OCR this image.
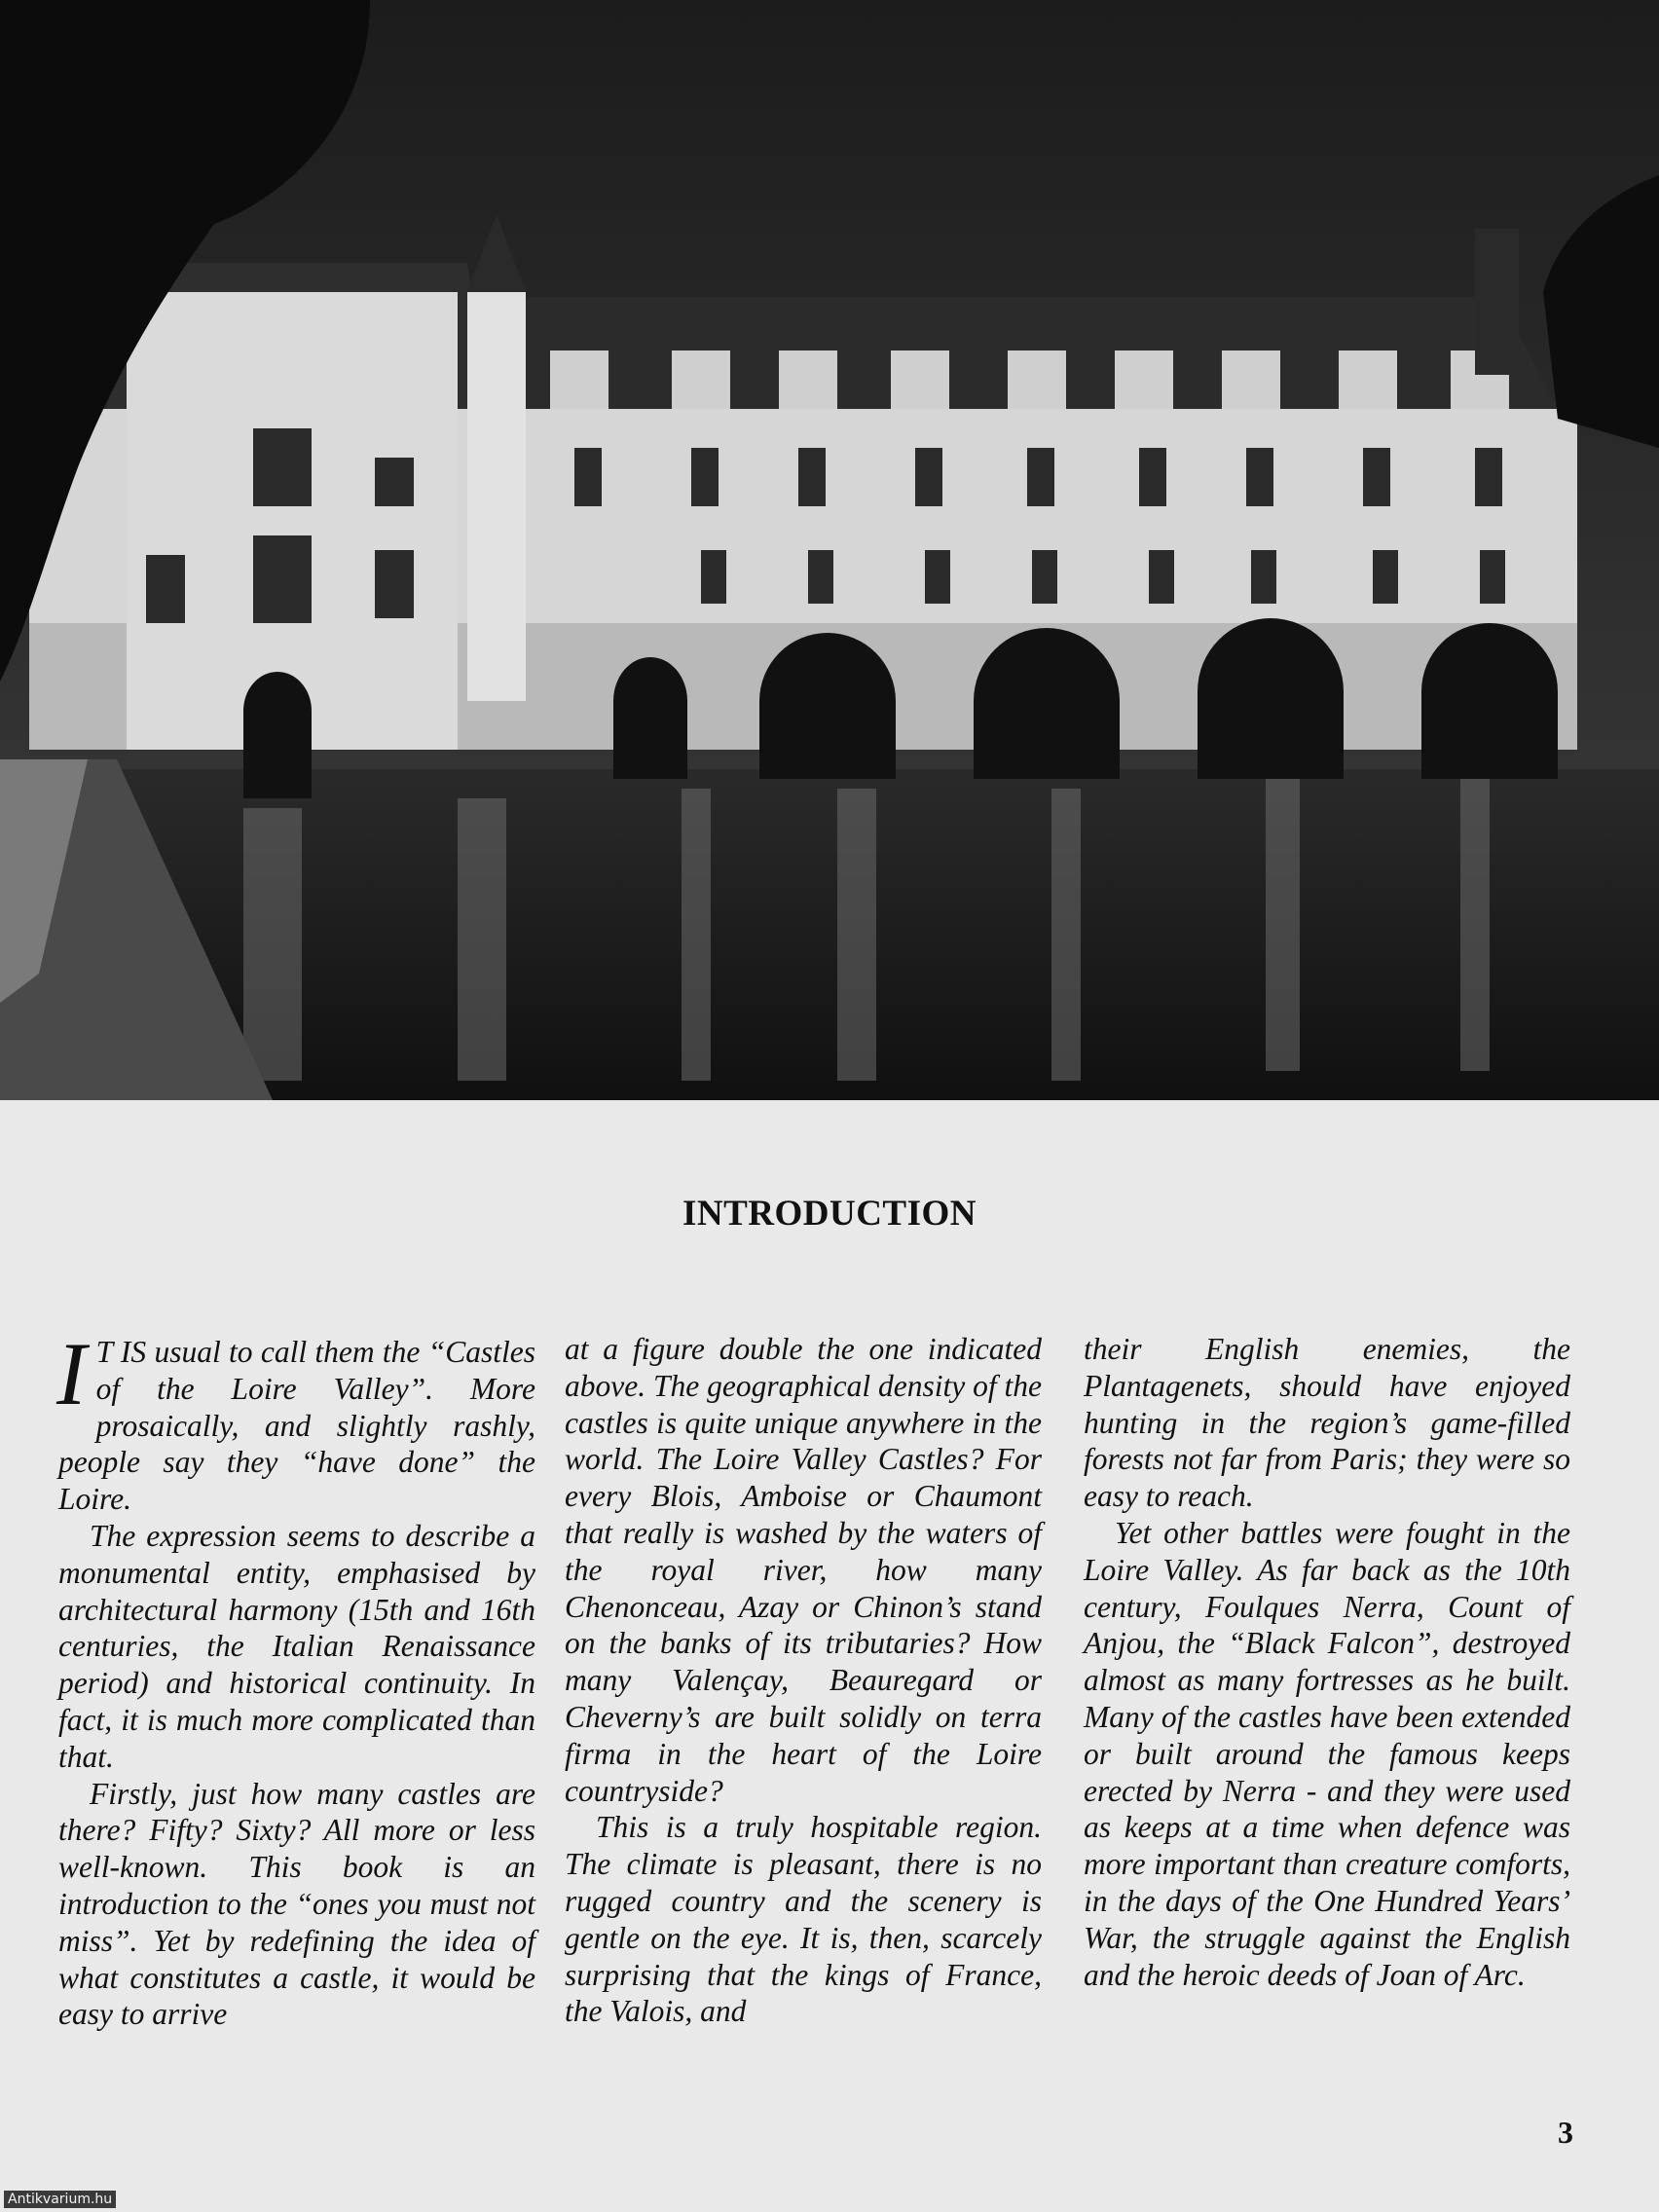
INTRODUCTION

I T IS usual to call them the “Castles of the Loire Valley”. More prosaically, and slightly rashly, people say they “have done” the Loire.

The expression seems to describe a monumental entity, emphasised by architectural harmony (15th and 16th centuries, the Italian Renaissance period) and historical continuity. In fact, it is much more complicated than that.

Firstly, just how many castles are there? Fifty? Sixty? All more or less well-known. This book is an introduction to the “ones you must not miss”. Yet by redefining the idea of what constitutes a castle, it would be easy to arrive

at a figure double the one indicated above. The geographical density of the castles is quite unique anywhere in the world. The Loire Valley Castles? For every Blois, Amboise or Chaumont that really is washed by the waters of the royal river, how many Chenonceau, Azay or Chinon’s stand on the banks of its tributaries? How many Valençay, Beauregard or Cheverny’s are built solidly on terra firma in the heart of the Loire countryside?

This is a truly hospitable region. The climate is pleasant, there is no rugged country and the scenery is gentle on the eye. It is, then, scarcely surprising that the kings of France, the Valois, and

their English enemies, the Plantagenets, should have enjoyed hunting in the region’s game-filled forests not far from Paris; they were so easy to reach.

Yet other battles were fought in the Loire Valley. As far back as the 10th century, Foulques Nerra, Count of Anjou, the “Black Falcon”, destroyed almost as many fortresses as he built. Many of the castles have been extended or built around the famous keeps erected by Nerra - and they were used as keeps at a time when defence was more important than creature comforts, in the days of the One Hundred Years’ War, the struggle against the English and the heroic deeds of Joan of Arc.

3
Antikvarium.hu
